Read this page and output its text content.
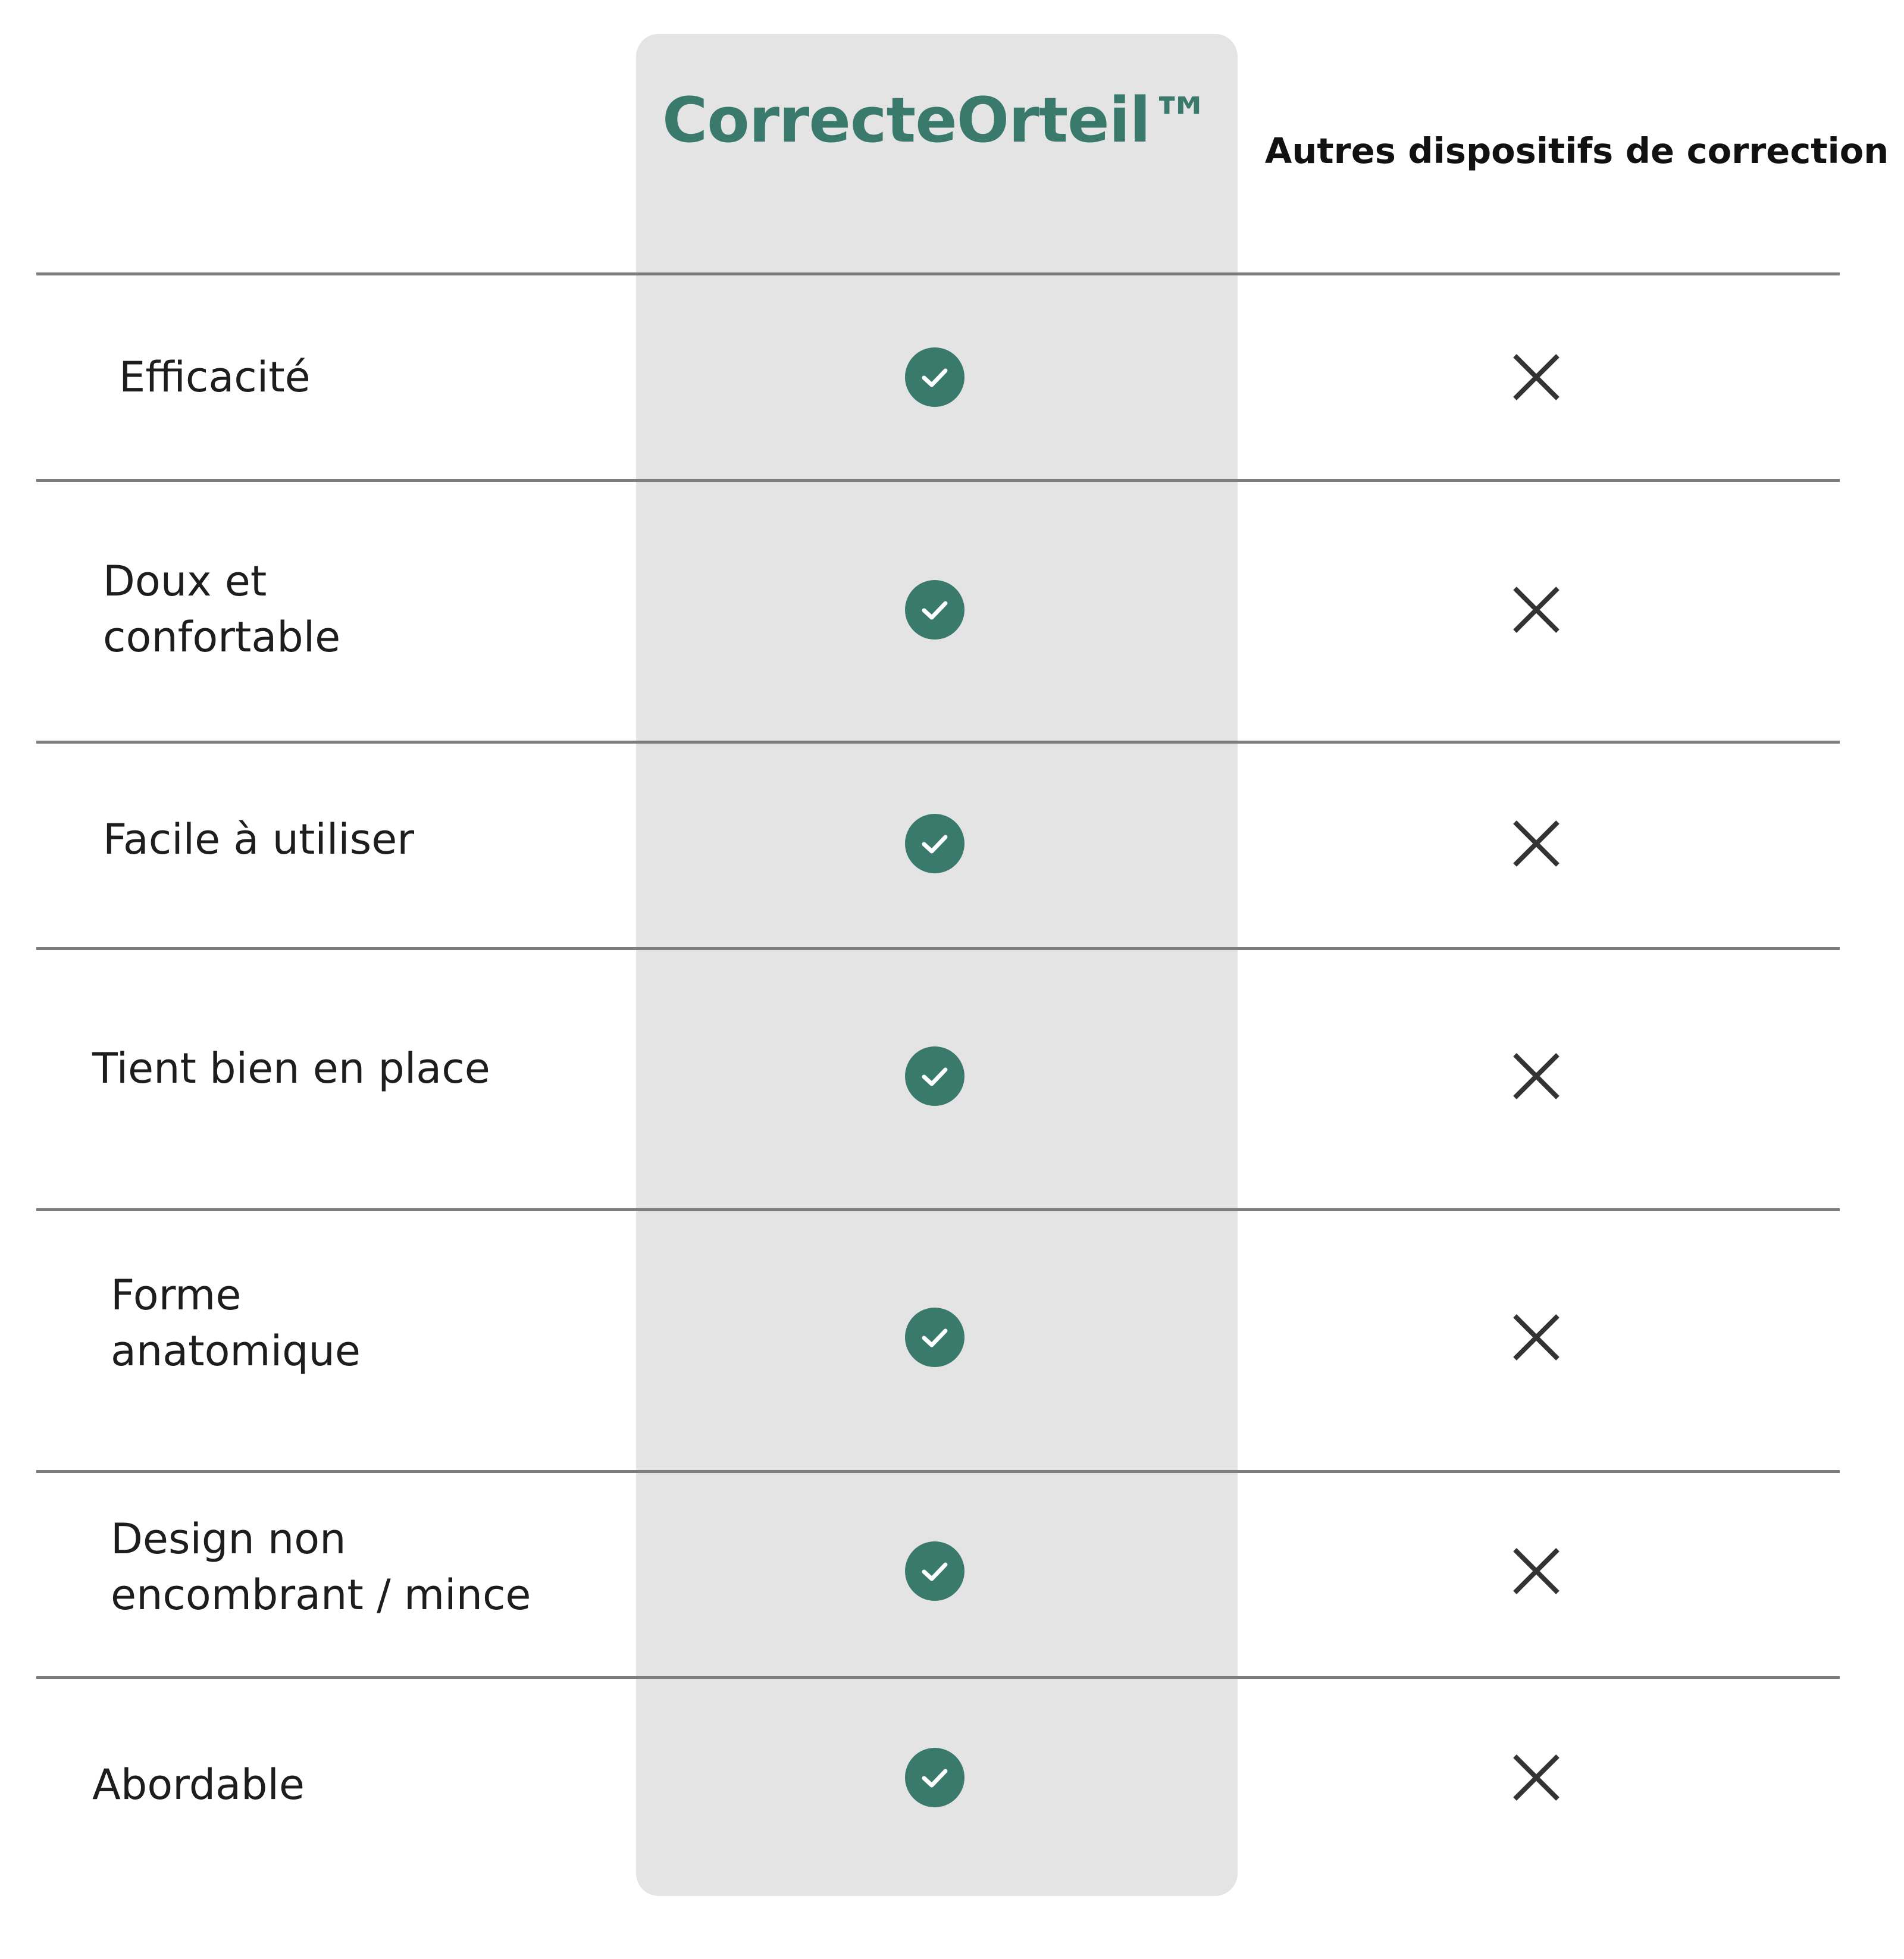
CorrecteOrteil™	Autres dispositifs de correction
Efficacité
Doux et
confortable
Facile à utiliser
Tient bien en place
Forme
anatomique
Design non
encombrant / mince
Abordable
